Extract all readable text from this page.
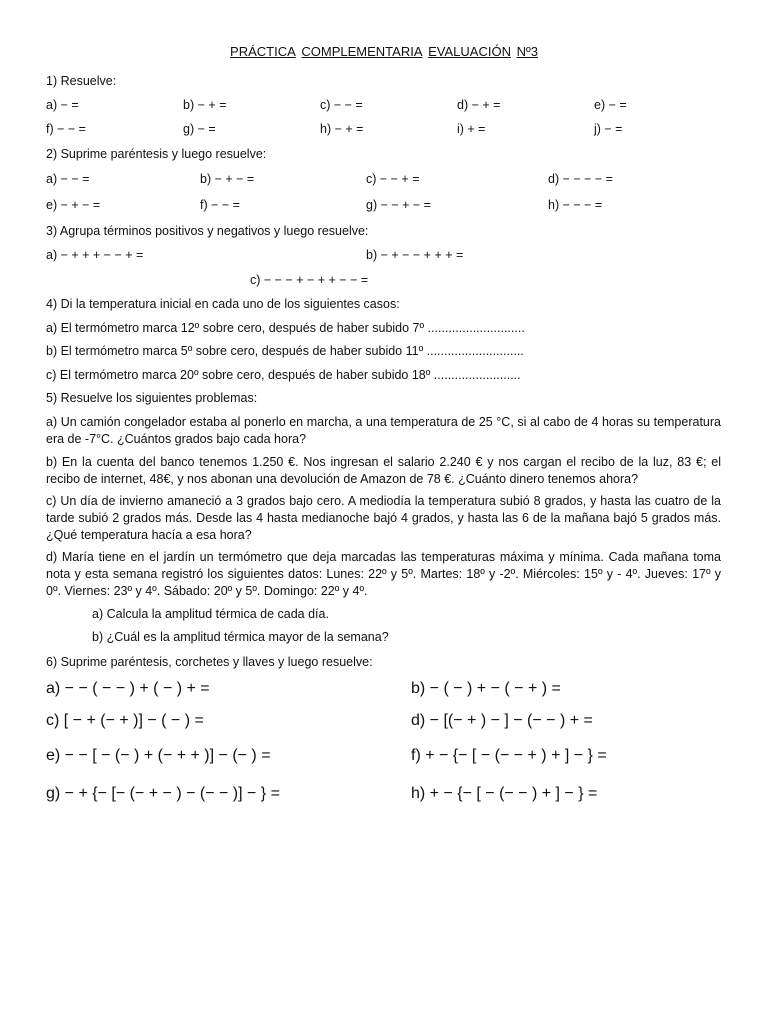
PRÁCTICA COMPLEMENTARIA EVALUACIÓN Nº3
1) Resuelve:
a) − =	b) − + =	c) − − =	d) − + =	e) − =
f) − − =	g) − =	h) − + =	i) + =	j) − =
2) Suprime paréntesis y luego resuelve:
a) − − =	b) − + − =	c) − − + =	d) − − − − =
e) − + − =	f) − − =	g) − − + − =	h) − − − =
3) Agrupa términos positivos y negativos y luego resuelve:
a) − + + + − − + =	b) − + − − + + + =
c) − − − + − + + − − =
4) Di la temperatura inicial en cada uno de los siguientes casos:
a) El termómetro marca 12º sobre cero, después de haber subido 7º ............................
b) El termómetro marca 5º sobre cero, después de haber subido 11º ............................
c) El termómetro marca 20º sobre cero, después de haber subido 18º .........................
5) Resuelve los siguientes problemas:
a) Un camión congelador estaba al ponerlo en marcha, a una temperatura de 25 °C, si al cabo de 4 horas su temperatura era de -7°C. ¿Cuántos grados bajo cada hora?
b) En la cuenta del banco tenemos 1.250 €. Nos ingresan el salario 2.240 € y nos cargan el recibo de la luz, 83 €; el recibo de internet, 48€, y nos abonan una devolución de Amazon de 78 €. ¿Cuánto dinero tenemos ahora?
c) Un día de invierno amaneció a 3 grados bajo cero. A mediodía la temperatura subió 8 grados, y hasta las cuatro de la tarde subió 2 grados más. Desde las 4 hasta medianoche bajó 4 grados, y hasta las 6 de la mañana bajó 5 grados más. ¿Qué temperatura hacía a esa hora?
d) María tiene en el jardín un termómetro que deja marcadas las temperaturas máxima y mínima. Cada mañana toma nota y esta semana registró los siguientes datos: Lunes: 22º y 5º. Martes: 18º y -2º. Miércoles: 15º y - 4º. Jueves: 17º y 0º. Viernes: 23º y 4º. Sábado: 20º y 5º. Domingo: 22º y 4º.
a) Calcula la amplitud térmica de cada día.
b) ¿Cuál es la amplitud térmica mayor de la semana?
6) Suprime paréntesis, corchetes y llaves y luego resuelve:
a) − − ( − − ) + ( − ) + =	b) − ( − ) + − ( − + ) =
c) [ − + (− + )] − ( − ) =	d) − [(− + ) − ] − (− − ) + =
e) − − [ − (− ) + (− + + )] − (− ) =	f) + − {− [ − (− − + ) + ] − } =
g) − + {− [− (− + − ) − (− − )] − } =	h) + − {− [ − (− − ) + ] − } =
